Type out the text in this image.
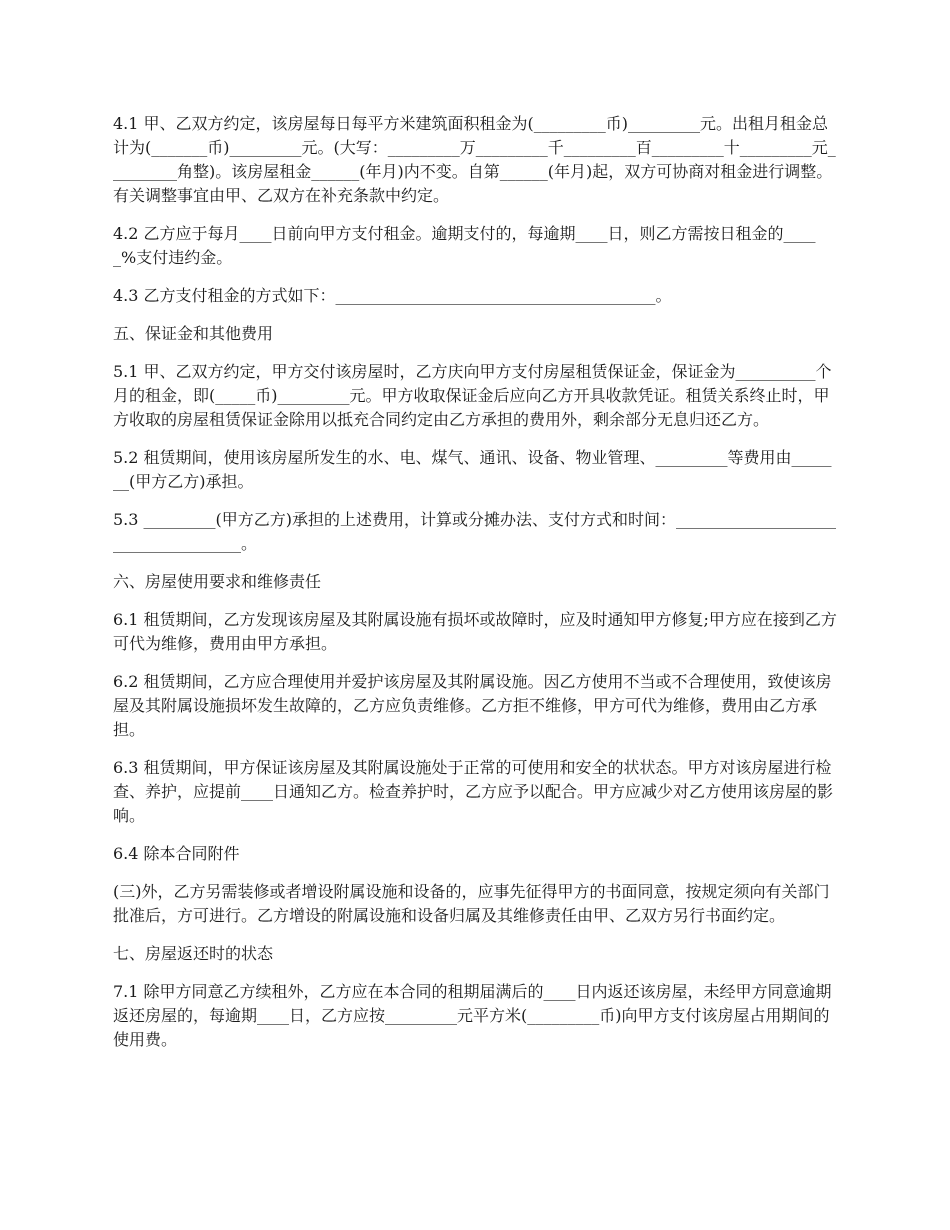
4.1 甲、乙双方约定，该房屋每日每平方米建筑面积租金为(_________币)_________元。出租月租金总计为(_______币)_________元。(大写：_________万_________千_________百_________十_________元_________角整)。该房屋租金______(年月)内不变。自第______(年月)起，双方可协商对租金进行调整。有关调整事宜由甲、乙双方在补充条款中约定。

4.2 乙方应于每月____日前向甲方支付租金。逾期支付的，每逾期____日，则乙方需按日租金的_____%支付违约金。

4.3 乙方支付租金的方式如下：________________________________________。

五、保证金和其他费用

5.1 甲、乙双方约定，甲方交付该房屋时，乙方庆向甲方支付房屋租赁保证金，保证金为__________个月的租金，即(_____币)_________元。甲方收取保证金后应向乙方开具收款凭证。租赁关系终止时，甲方收取的房屋租赁保证金除用以抵充合同约定由乙方承担的费用外，剩余部分无息归还乙方。

5.2 租赁期间，使用该房屋所发生的水、电、煤气、通讯、设备、物业管理、_________等费用由_______(甲方乙方)承担。

5.3 _________(甲方乙方)承担的上述费用，计算或分摊办法、支付方式和时间：____________________________________。

六、房屋使用要求和维修责任

6.1 租赁期间，乙方发现该房屋及其附属设施有损坏或故障时，应及时通知甲方修复;甲方应在接到乙方可代为维修，费用由甲方承担。

6.2 租赁期间，乙方应合理使用并爱护该房屋及其附属设施。因乙方使用不当或不合理使用，致使该房屋及其附属设施损坏发生故障的，乙方应负责维修。乙方拒不维修，甲方可代为维修，费用由乙方承担。

6.3 租赁期间，甲方保证该房屋及其附属设施处于正常的可使用和安全的状状态。甲方对该房屋进行检查、养护，应提前____日通知乙方。检查养护时，乙方应予以配合。甲方应减少对乙方使用该房屋的影响。

6.4 除本合同附件

(三)外，乙方另需装修或者增设附属设施和设备的，应事先征得甲方的书面同意，按规定须向有关部门批准后，方可进行。乙方增设的附属设施和设备归属及其维修责任由甲、乙双方另行书面约定。

七、房屋返还时的状态

7.1 除甲方同意乙方续租外，乙方应在本合同的租期届满后的____日内返还该房屋，未经甲方同意逾期返还房屋的，每逾期____日，乙方应按_________元平方米(_________币)向甲方支付该房屋占用期间的使用费。
